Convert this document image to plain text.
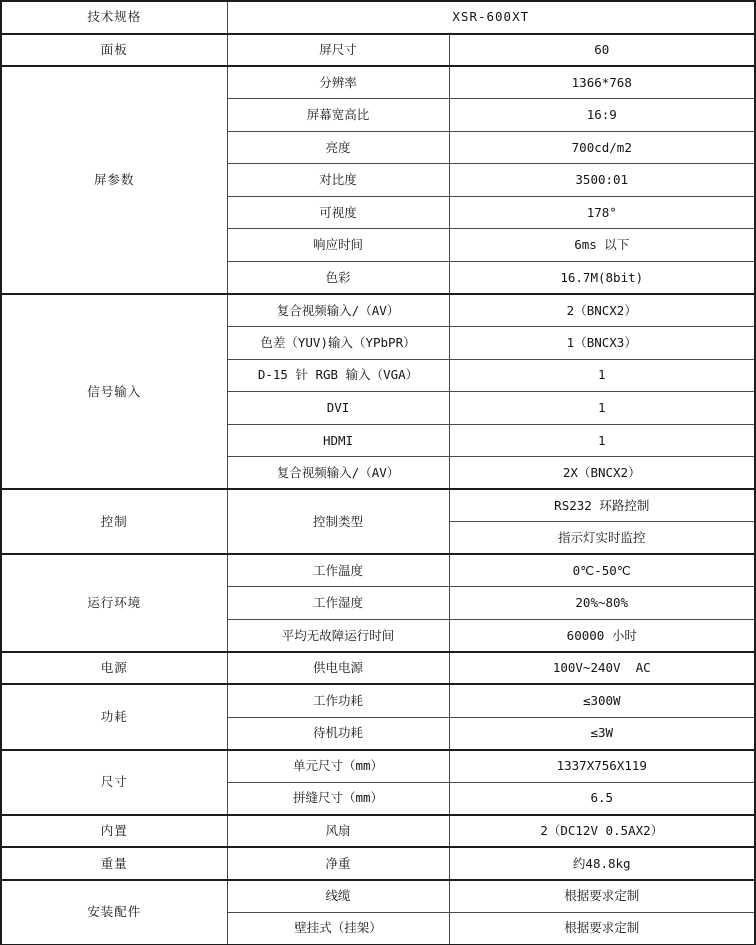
技术规格	XSR-600XT	
面板	屏尺寸	60
屏参数	分辨率	1366*768
	屏幕宽高比	16:9
	亮度	700cd/m2
	对比度	3500:01
	可视度	178°
	响应时间	6ms 以下
	色彩	16.7M(8bit)
信号输入	复合视频输入/（AV）	2（BNCX2）
	色差（YUV)输入（YPbPR）	1（BNCX3）
	D-15 针 RGB 输入（VGA）	1
	DVI	1
	HDMI	1
	复合视频输入/（AV）	2X（BNCX2）
控制	控制类型	RS232 环路控制
		指示灯实时监控
运行环境	工作温度	0℃-50℃
	工作湿度	20%~80%
	平均无故障运行时间	60000 小时
电源	供电电源	100V~240V  AC
功耗	工作功耗	≤300W
	待机功耗	≤3W
尺寸	单元尺寸（mm）	1337X756X119
	拼缝尺寸（mm）	6.5
内置	风扇	2（DC12V 0.5AX2）
重量	净重	约48.8kg
安装配件	线缆	根据要求定制
	壁挂式（挂架）	根据要求定制
